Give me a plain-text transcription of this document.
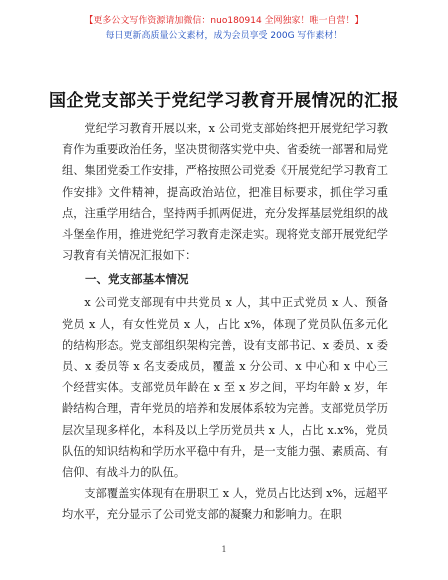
【更多公文写作资源请加微信：nuo180914 全网独家！唯一自营！】
每日更新高质量公文素材，成为会员享受 200G 写作素材！
国企党支部关于党纪学习教育开展情况的汇报

党纪学习教育开展以来，x 公司党支部始终把开展党纪学习教育作为重要政治任务，坚决贯彻落实党中央、省委统一部署和局党组、集团党委工作安排，严格按照公司党委《开展党纪学习教育工作安排》文件精神，提高政治站位，把准目标要求，抓住学习重点，注重学用结合，坚持两手抓两促进，充分发挥基层党组织的战斗堡垒作用，推进党纪学习教育走深走实。现将党支部开展党纪学习教育有关情况汇报如下：

一、党支部基本情况

x 公司党支部现有中共党员 x 人，其中正式党员 x 人、预备党员 x 人，有女性党员 x 人，占比 x%，体现了党员队伍多元化的结构形态。党支部组织架构完善，设有支部书记、x 委员、x 委员、x 委员等 x 名支委成员，覆盖 x 分公司、x 中心和 x 中心三个经营实体。支部党员年龄在 x 至 x 岁之间，平均年龄 x 岁，年龄结构合理，青年党员的培养和发展体系较为完善。支部党员学历层次呈现多样化，本科及以上学历党员共 x 人，占比 x.x%，党员队伍的知识结构和学历水平稳中有升，是一支能力强、素质高、有信仰、有战斗力的队伍。

支部覆盖实体现有在册职工 x 人，党员占比达到 x%，远超平均水平，充分显示了公司党支部的凝聚力和影响力。在职

1
